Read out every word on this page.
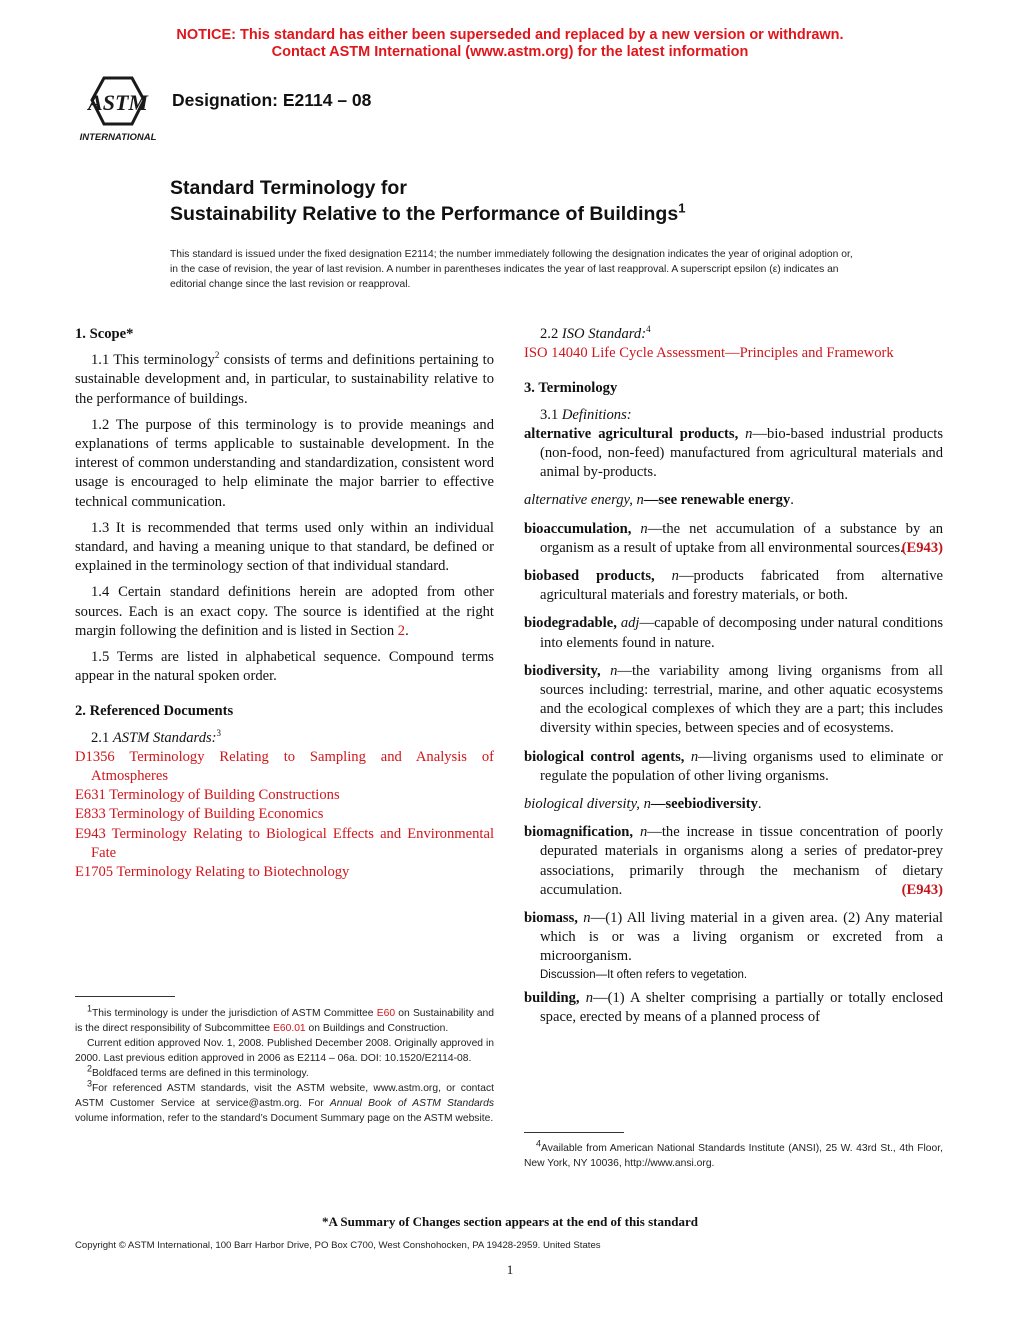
NOTICE: This standard has either been superseded and replaced by a new version or withdrawn.
Contact ASTM International (www.astm.org) for the latest information
ASTM
INTERNATIONAL
Designation: E2114 – 08
Standard Terminology for
Sustainability Relative to the Performance of Buildings$^1$
This standard is issued under the fixed designation E2114; the number immediately following the designation indicates the year of original adoption or, in the case of revision, the year of last revision. A number in parentheses indicates the year of last reapproval. A superscript epsilon (ε) indicates an editorial change since the last revision or reapproval.

1. Scope*

1.1 This terminology$^2$ consists of terms and definitions pertaining to sustainable development and, in particular, to sustainability relative to the performance of buildings.

1.2 The purpose of this terminology is to provide meanings and explanations of terms applicable to sustainable development. In the interest of common understanding and standardization, consistent word usage is encouraged to help eliminate the major barrier to effective technical communication.

1.3 It is recommended that terms used only within an individual standard, and having a meaning unique to that standard, be defined or explained in the terminology section of that individual standard.

1.4 Certain standard definitions herein are adopted from other sources. Each is an exact copy. The source is identified at the right margin following the definition and is listed in Section 2.

1.5 Terms are listed in alphabetical sequence. Compound terms appear in the natural spoken order.

2. Referenced Documents

2.1 ASTM Standards:$^3$

D1356 Terminology Relating to Sampling and Analysis of Atmospheres

E631 Terminology of Building Constructions

E833 Terminology of Building Economics

E943 Terminology Relating to Biological Effects and Environmental Fate

E1705 Terminology Relating to Biotechnology

$^1$This terminology is under the jurisdiction of ASTM Committee E60 on Sustainability and is the direct responsibility of Subcommittee E60.01 on Buildings and Construction.

Current edition approved Nov. 1, 2008. Published December 2008. Originally approved in 2000. Last previous edition approved in 2006 as E2114 – 06a. DOI: 10.1520/E2114-08.

$^2$Boldfaced terms are defined in this terminology.

$^3$For referenced ASTM standards, visit the ASTM website, www.astm.org, or contact ASTM Customer Service at service@astm.org. For Annual Book of ASTM Standards volume information, refer to the standard’s Document Summary page on the ASTM website.

2.2 ISO Standard:$^4$

ISO 14040 Life Cycle Assessment—Principles and Framework

3. Terminology

3.1 Definitions:

alternative agricultural products, n—bio-based industrial products (non-food, non-feed) manufactured from agricultural materials and animal by-products.

alternative energy, n—see renewable energy.

bioaccumulation, n—the net accumulation of a substance by an organism as a result of uptake from all environmental sources.
(E943)

biobased products, n—products fabricated from alternative agricultural materials and forestry materials, or both.

biodegradable, adj—capable of decomposing under natural conditions into elements found in nature.

biodiversity, n—the variability among living organisms from all sources including: terrestrial, marine, and other aquatic ecosystems and the ecological complexes of which they are a part; this includes diversity within species, between species and of ecosystems.

biological control agents, n—living organisms used to eliminate or regulate the population of other living organisms.

biological diversity, n—seebiodiversity.

biomagnification, n—the increase in tissue concentration of poorly depurated materials in organisms along a series of predator-prey associations, primarily through the mechanism of dietary accumulation.	(E943)

biomass, n—(1) All living material in a given area. (2) Any material which is or was a living organism or excreted from a microorganism.

Discussion—It often refers to vegetation.

building, n—(1) A shelter comprising a partially or totally enclosed space, erected by means of a planned process of

$^4$Available from American National Standards Institute (ANSI), 25 W. 43rd St., 4th Floor, New York, NY 10036, http://www.ansi.org.

*A Summary of Changes section appears at the end of this standard
Copyright © ASTM International, 100 Barr Harbor Drive, PO Box C700, West Conshohocken, PA 19428-2959. United States
1
